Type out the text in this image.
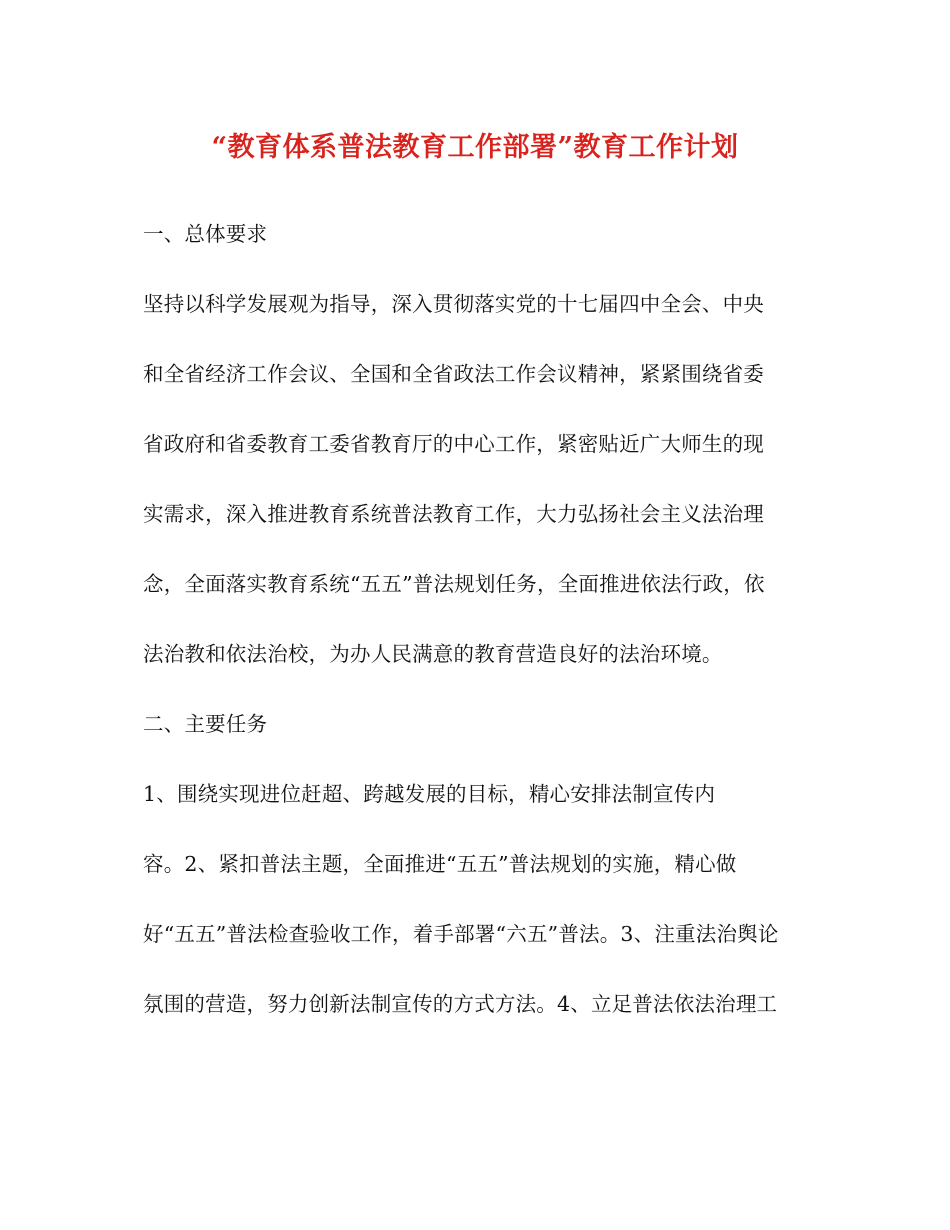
“教育体系普法教育工作部署”教育工作计划
一、总体要求
坚持以科学发展观为指导，深入贯彻落实党的十七届四中全会、中央
和全省经济工作会议、全国和全省政法工作会议精神，紧紧围绕省委
省政府和省委教育工委省教育厅的中心工作，紧密贴近广大师生的现
实需求，深入推进教育系统普法教育工作，大力弘扬社会主义法治理
念，全面落实教育系统“五五”普法规划任务，全面推进依法行政，依
法治教和依法治校，为办人民满意的教育营造良好的法治环境。
二、主要任务
1、围绕实现进位赶超、跨越发展的目标，精心安排法制宣传内
容。2、紧扣普法主题，全面推进“五五”普法规划的实施，精心做
好“五五”普法检查验收工作，着手部署“六五”普法。3、注重法治舆论
氛围的营造，努力创新法制宣传的方式方法。4、立足普法依法治理工
